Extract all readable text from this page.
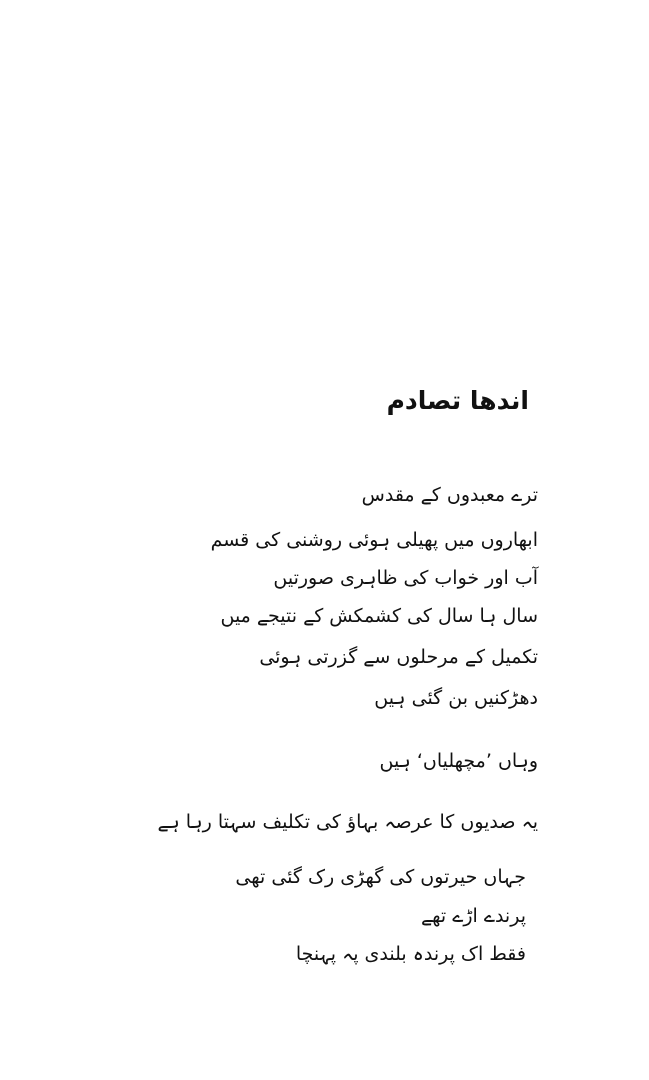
اندھا تصادم
ترے معبدوں کے مقدس
ابھاروں میں پھیلی ہوئی روشنی کی قسم
آب اور خواب کی ظاہری صورتیں
سال ہا سال کی کشمکش کے نتیجے میں
تکمیل کے مرحلوں سے گزرتی ہوئی
دھڑکنیں بن گئی ہیں
وہاں ’مچھلیاں‘ ہیں
یہ صدیوں کا عرصہ بہاؤ کی تکلیف سہتا رہا ہے
جہاں حیرتوں کی گھڑی رک گئی تھی
پرندے اڑے تھے
فقط اک پرندہ بلندی پہ پہنچا
